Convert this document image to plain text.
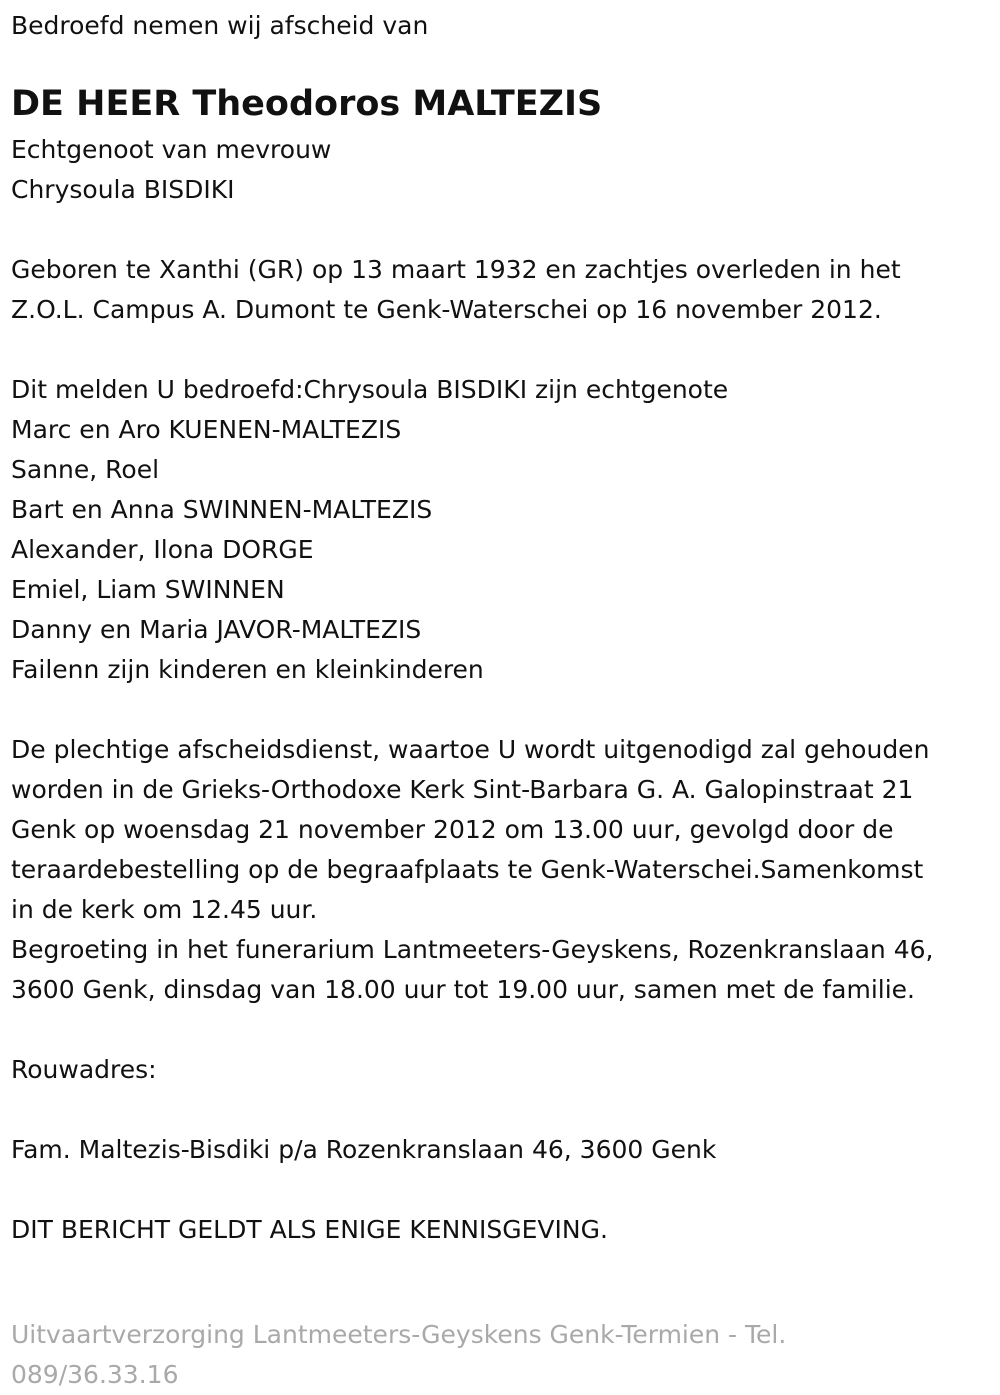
Bedroefd nemen wij afscheid van

DE HEER Theodoros MALTEZIS

Echtgenoot van mevrouw

Chrysoula BISDIKI

Geboren te Xanthi (GR) op 13 maart 1932 en zachtjes overleden in het

Z.O.L. Campus A. Dumont te Genk-Waterschei op 16 november 2012.

Dit melden U bedroefd:Chrysoula BISDIKI zijn echtgenote

Marc en Aro KUENEN-MALTEZIS

Sanne, Roel

Bart en Anna SWINNEN-MALTEZIS

Alexander, Ilona DORGE

Emiel, Liam SWINNEN

Danny en Maria JAVOR-MALTEZIS

Failenn zijn kinderen en kleinkinderen

De plechtige afscheidsdienst, waartoe U wordt uitgenodigd zal gehouden

worden in de Grieks-Orthodoxe Kerk Sint-Barbara G. A. Galopinstraat 21

Genk op woensdag 21 november 2012 om 13.00 uur, gevolgd door de

teraardebestelling op de begraafplaats te Genk-Waterschei.Samenkomst

in de kerk om 12.45 uur.

Begroeting in het funerarium Lantmeeters-Geyskens, Rozenkranslaan 46,

3600 Genk, dinsdag van 18.00 uur tot 19.00 uur, samen met de familie.

Rouwadres:

Fam. Maltezis-Bisdiki p/a Rozenkranslaan 46, 3600 Genk

DIT BERICHT GELDT ALS ENIGE KENNISGEVING.

Uitvaartverzorging Lantmeeters-Geyskens Genk-Termien - Tel. 089/36.33.16
